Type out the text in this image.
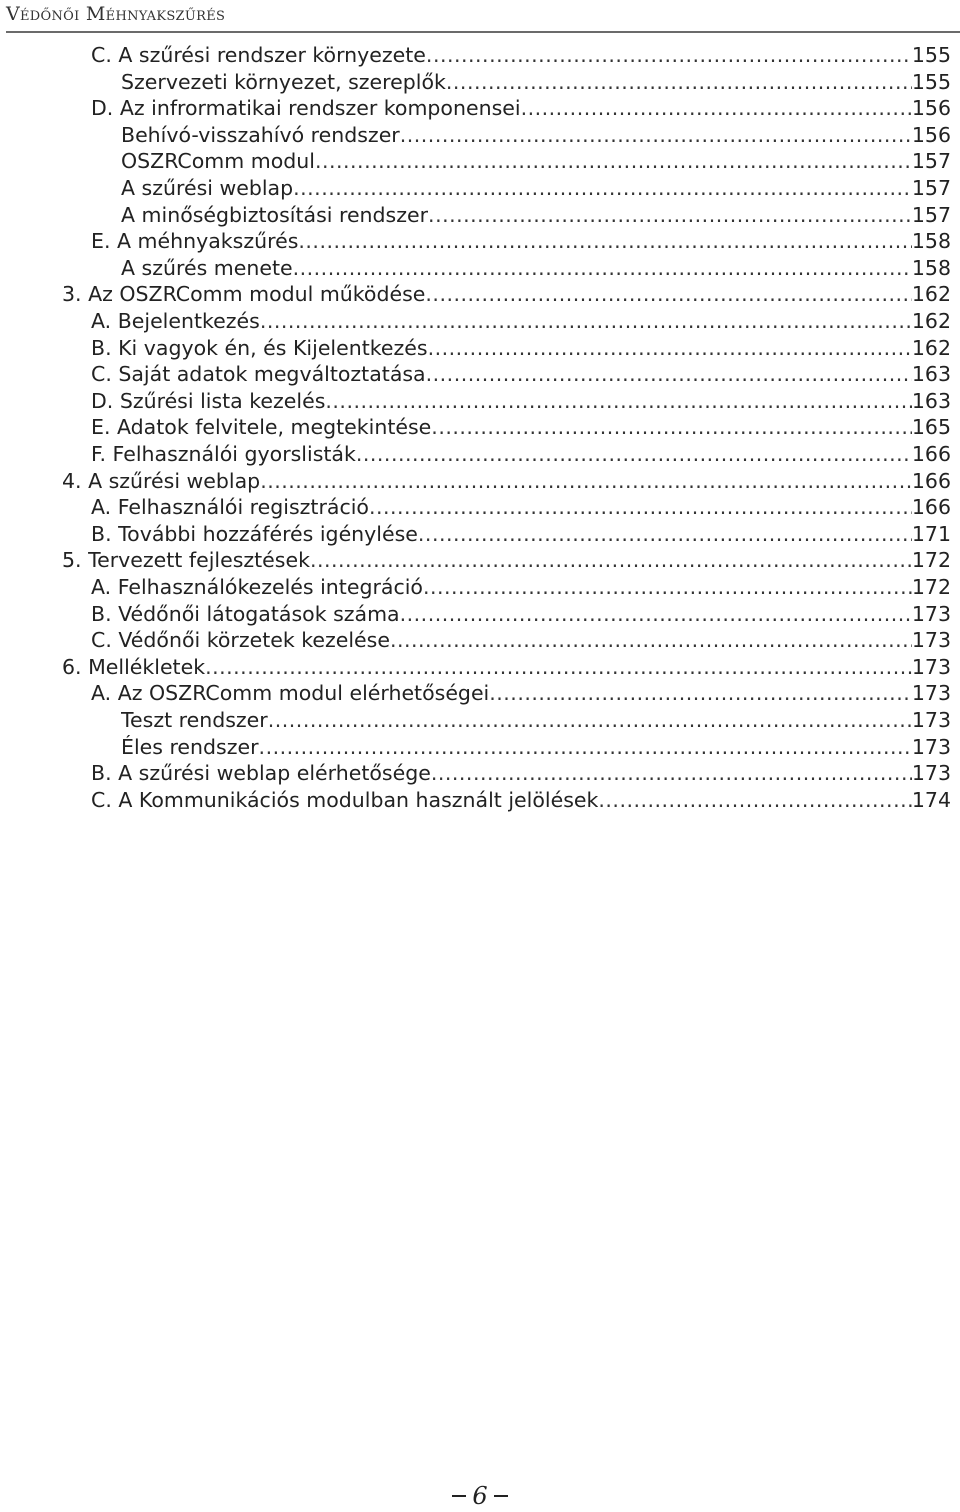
Védőnői Méhnyakszűrés
C. A szűrési rendszer környezete .....	155
Szervezeti környezet, szereplők .....	155
D. Az infrormatikai rendszer komponensei .....	156
Behívó-visszahívó rendszer .....	156
OSZRComm modul .....	157
A szűrési weblap .....	157
A minőségbiztosítási rendszer .....	157
E. A méhnyakszűrés .....	158
A szűrés menete .....	158
3. Az OSZRComm modul működése .....	162
A. Bejelentkezés .....	162
B. Ki vagyok én, és Kijelentkezés .....	162
C. Saját adatok megváltoztatása .....	163
D. Szűrési lista kezelés .....	163
E. Adatok felvitele, megtekintése .....	165
F. Felhasználói gyorslisták .....	166
4. A szűrési weblap .....	166
A. Felhasználói regisztráció .....	166
B. További hozzáférés igénylése .....	171
5. Tervezett fejlesztések .....	172
A. Felhasználókezelés integráció .....	172
B. Védőnői látogatások száma .....	173
C. Védőnői körzetek kezelése .....	173
6. Mellékletek .....	173
A. Az OSZRComm modul elérhetőségei .....	173
Teszt rendszer .....	173
Éles rendszer .....	173
B. A szűrési weblap elérhetősége .....	173
C. A Kommunikációs modulban használt jelölések .....	174
6
